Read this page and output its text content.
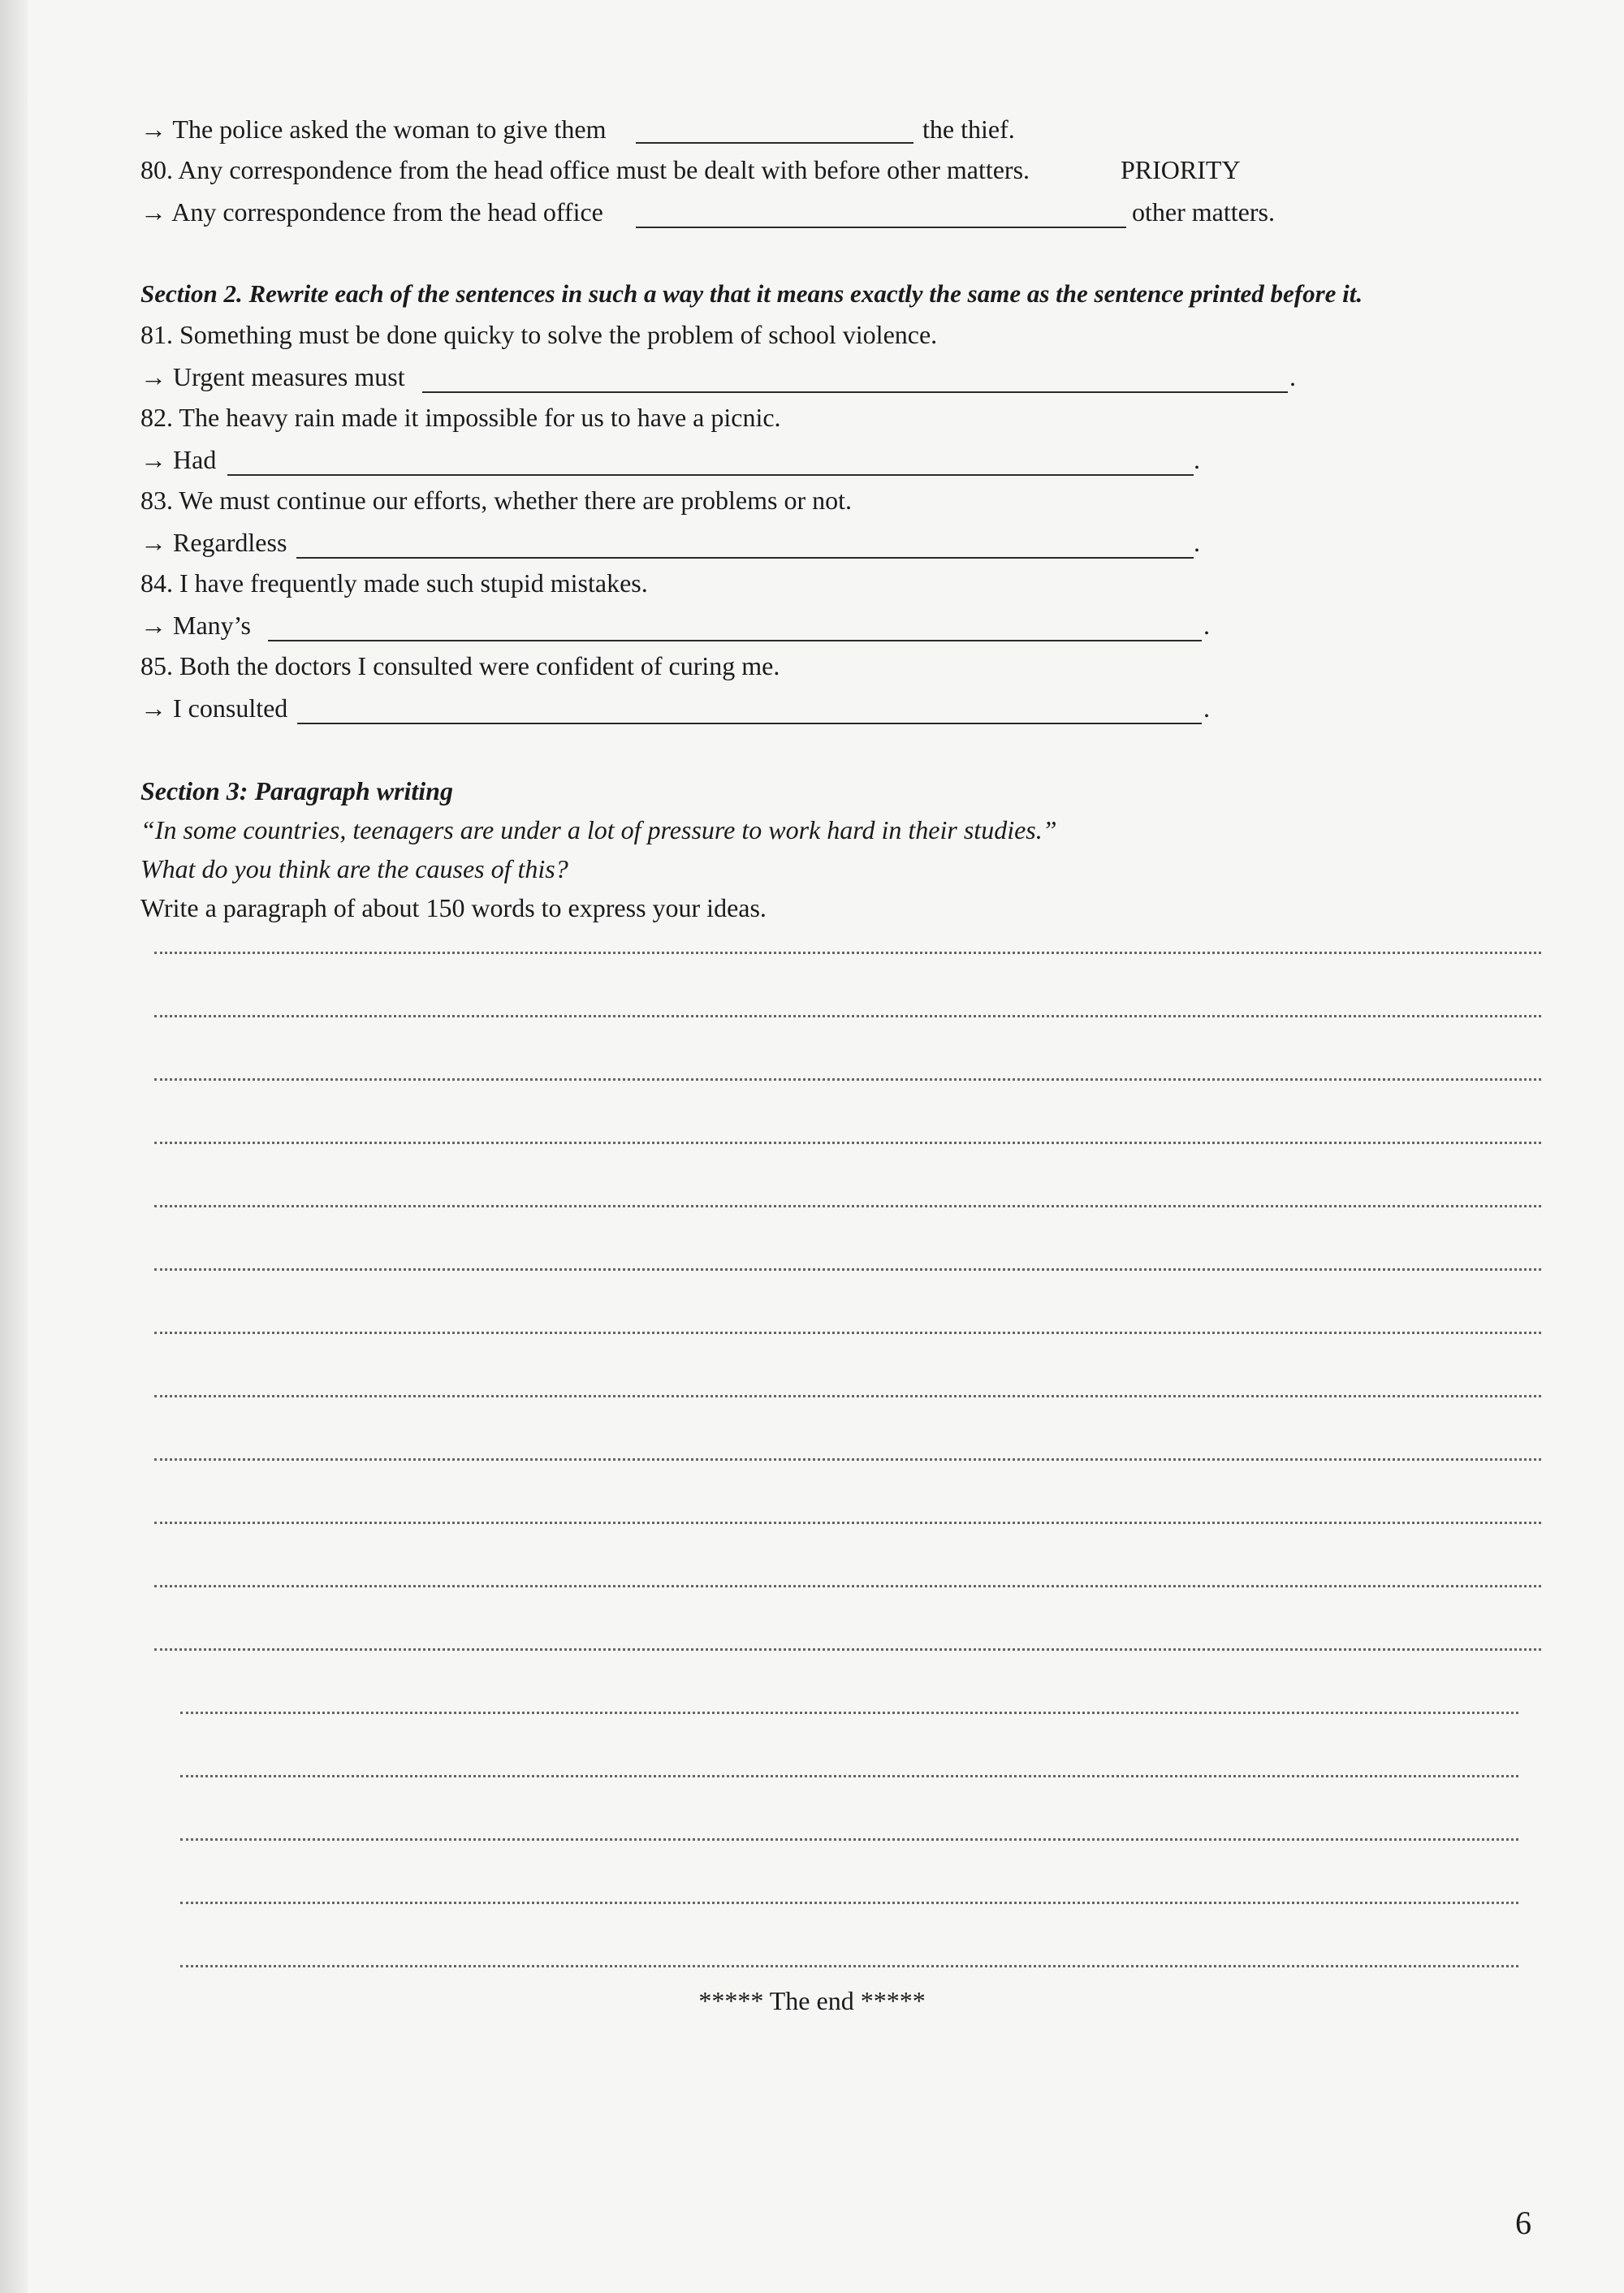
→ The police asked the woman to give them	the thief.
80. Any correspondence from the head office must be dealt with before other matters.	PRIORITY
→ Any correspondence from the head office	other matters.
Section 2. Rewrite each of the sentences in such a way that it means exactly the same as the sentence printed before it.
81. Something must be done quicky to solve the problem of school violence.
→ Urgent measures must	.
82. The heavy rain made it impossible for us to have a picnic.
→ Had	.
83. We must continue our efforts, whether there are problems or not.
→ Regardless	.
84. I have frequently made such stupid mistakes.
→ Many’s	.
85. Both the doctors I consulted were confident of curing me.
→ I consulted	.
Section 3: Paragraph writing
“In some countries, teenagers are under a lot of pressure to work hard in their studies.”
What do you think are the causes of this?
Write a paragraph of about 150 words to express your ideas.
***** The end *****
6
